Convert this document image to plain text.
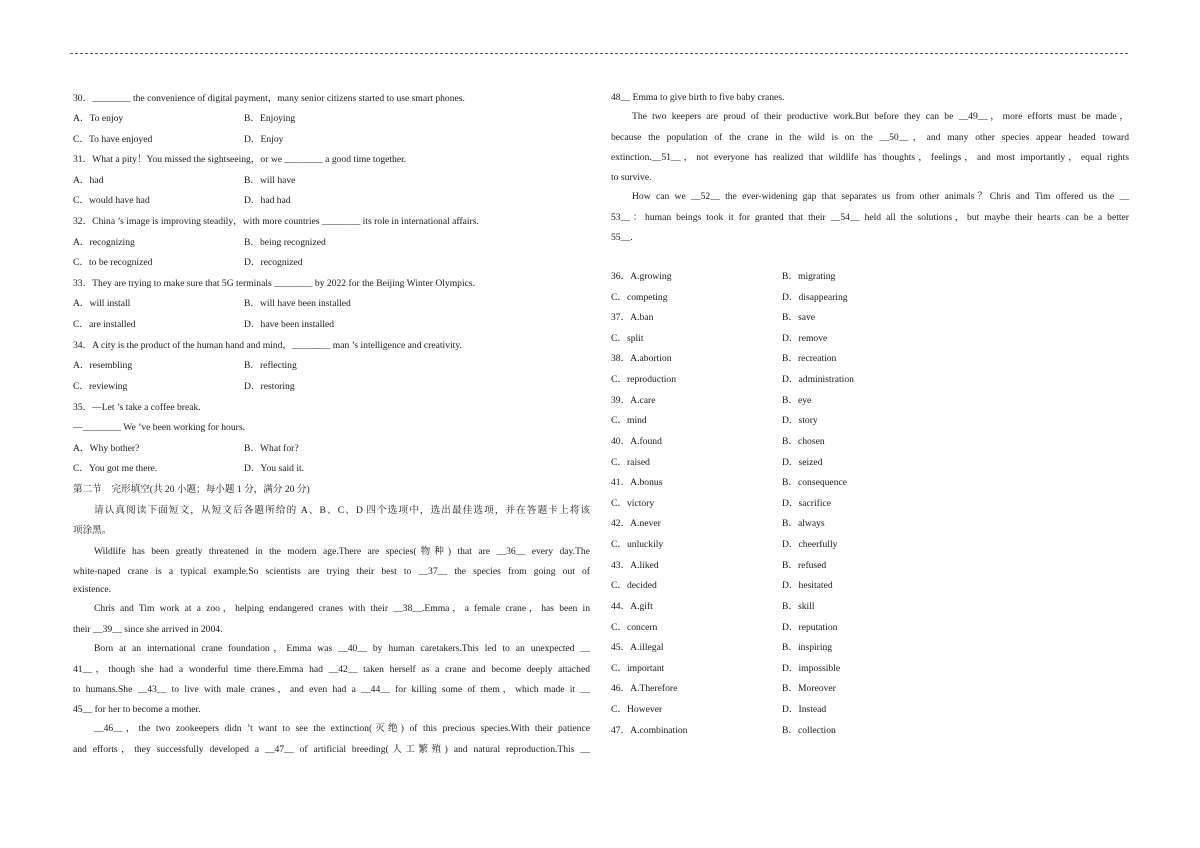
30．________ the convenience of digital payment，many senior citizens started to use smart phones.
A．To enjoy	B．Enjoying
C．To have enjoyed	D．Enjoy
31．What a pity！You missed the sightseeing，or we ________ a good time together.
A．had	B．will have
C．would have had	D．had had
32．China ’s image is improving steadily，with more countries ________ its role in international affairs.
A．recognizing	B．being recognized
C．to be recognized	D．recognized
33．They are trying to make sure that 5G terminals ________ by 2022 for the Beijing Winter Olympics.
A．will install	B．will have been installed
C．are installed	D．have been installed
34．A city is the product of the human hand and mind，________ man ’s intelligence and creativity.
A．resembling	B．reflecting
C．reviewing	D．restoring
35．—Let ’s take a coffee break.
—________ We ’ve been working for hours.
A．Why bother?	B．What for?
C．You got me there.	D．You said it.
第二节　完形填空(共 20 小题；每小题 1 分，满分 20 分)
请认真阅读下面短文，从短文后各题所给的 A、B、C、D 四个选项中，选出最佳选项，并在答题卡上将该
项涂黑。
Wildlife has been greatly threatened in the modern age.There are species(物种) that are __36__ every day.The
white-naped crane is a typical example.So scientists are trying their best to __37__ the species from going out of
existence.
Chris and Tim work at a zoo，helping endangered cranes with their __38__.Emma，a female crane，has been in
their __39__ since she arrived in 2004.
Born at an international crane foundation，Emma was __40__ by human caretakers.This led to an unexpected __
41__，though she had a wonderful time there.Emma had __42__ taken herself as a crane and become deeply attached
to humans.She __43__ to live with male cranes，and even had a __44__ for killing some of them，which made it __
45__ for her to become a mother.
__46__，the two zookeepers didn ’t want to see the extinction(灭绝) of this precious species.With their patience
and efforts，they successfully developed a __47__ of artificial breeding(人工繁殖) and natural reproduction.This __
48__ Emma to give birth to five baby cranes.
The two keepers are proud of their productive work.But before they can be __49__，more efforts must be made，
because the population of the crane in the wild is on the __50__，and many other species appear headed toward
extinction.__51__，not everyone has realized that wildlife has thoughts，feelings，and most importantly，equal rights
to survive.
How can we __52__ the ever-widening gap that separates us from other animals？Chris and Tim offered us the __
53__：human beings took it for granted that their __54__ held all the solutions，but maybe their hearts can be a better
55__.
36．A.growing	B．migrating
C．competing	D．disappearing
37．A.ban	B．save
C．split	D．remove
38．A.abortion	B．recreation
C．reproduction	D．administration
39．A.care	B．eye
C．mind	D．story
40．A.found	B．chosen
C．raised	D．seized
41．A.bonus	B．consequence
C．victory	D．sacrifice
42．A.never	B．always
C．unluckily	D．cheerfully
43．A.liked	B．refused
C．decided	D．hesitated
44．A.gift	B．skill
C．concern	D．reputation
45．A.illegal	B．inspiring
C．important	D．impossible
46．A.Therefore	B．Moreover
C．However	D．Instead
47．A.combination	B．collection
